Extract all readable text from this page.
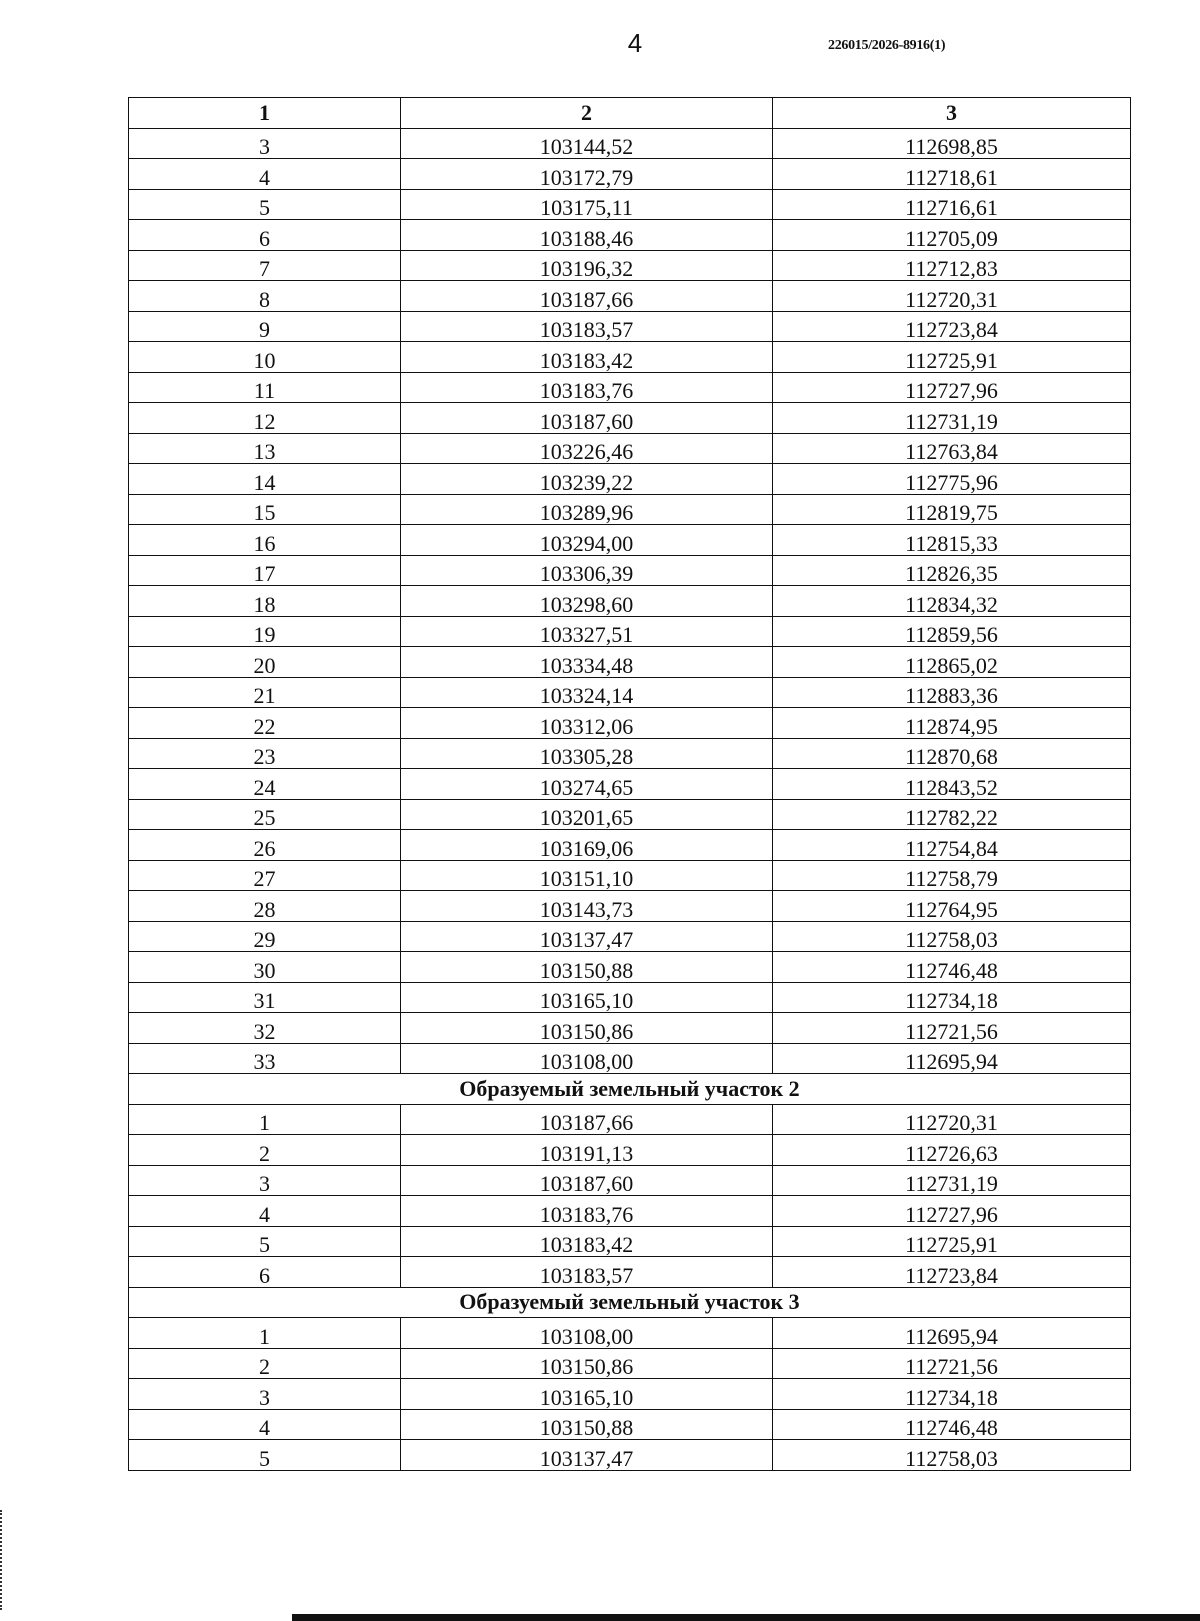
4	226015/2026-8916(1)
1	2	3
3	103144,52	112698,85
4	103172,79	112718,61
5	103175,11	112716,61
6	103188,46	112705,09
7	103196,32	112712,83
8	103187,66	112720,31
9	103183,57	112723,84
10	103183,42	112725,91
11	103183,76	112727,96
12	103187,60	112731,19
13	103226,46	112763,84
14	103239,22	112775,96
15	103289,96	112819,75
16	103294,00	112815,33
17	103306,39	112826,35
18	103298,60	112834,32
19	103327,51	112859,56
20	103334,48	112865,02
21	103324,14	112883,36
22	103312,06	112874,95
23	103305,28	112870,68
24	103274,65	112843,52
25	103201,65	112782,22
26	103169,06	112754,84
27	103151,10	112758,79
28	103143,73	112764,95
29	103137,47	112758,03
30	103150,88	112746,48
31	103165,10	112734,18
32	103150,86	112721,56
33	103108,00	112695,94
Образуемый земельный участок 2		
1	103187,66	112720,31
2	103191,13	112726,63
3	103187,60	112731,19
4	103183,76	112727,96
5	103183,42	112725,91
6	103183,57	112723,84
Образуемый земельный участок 3		
1	103108,00	112695,94
2	103150,86	112721,56
3	103165,10	112734,18
4	103150,88	112746,48
5	103137,47	112758,03
